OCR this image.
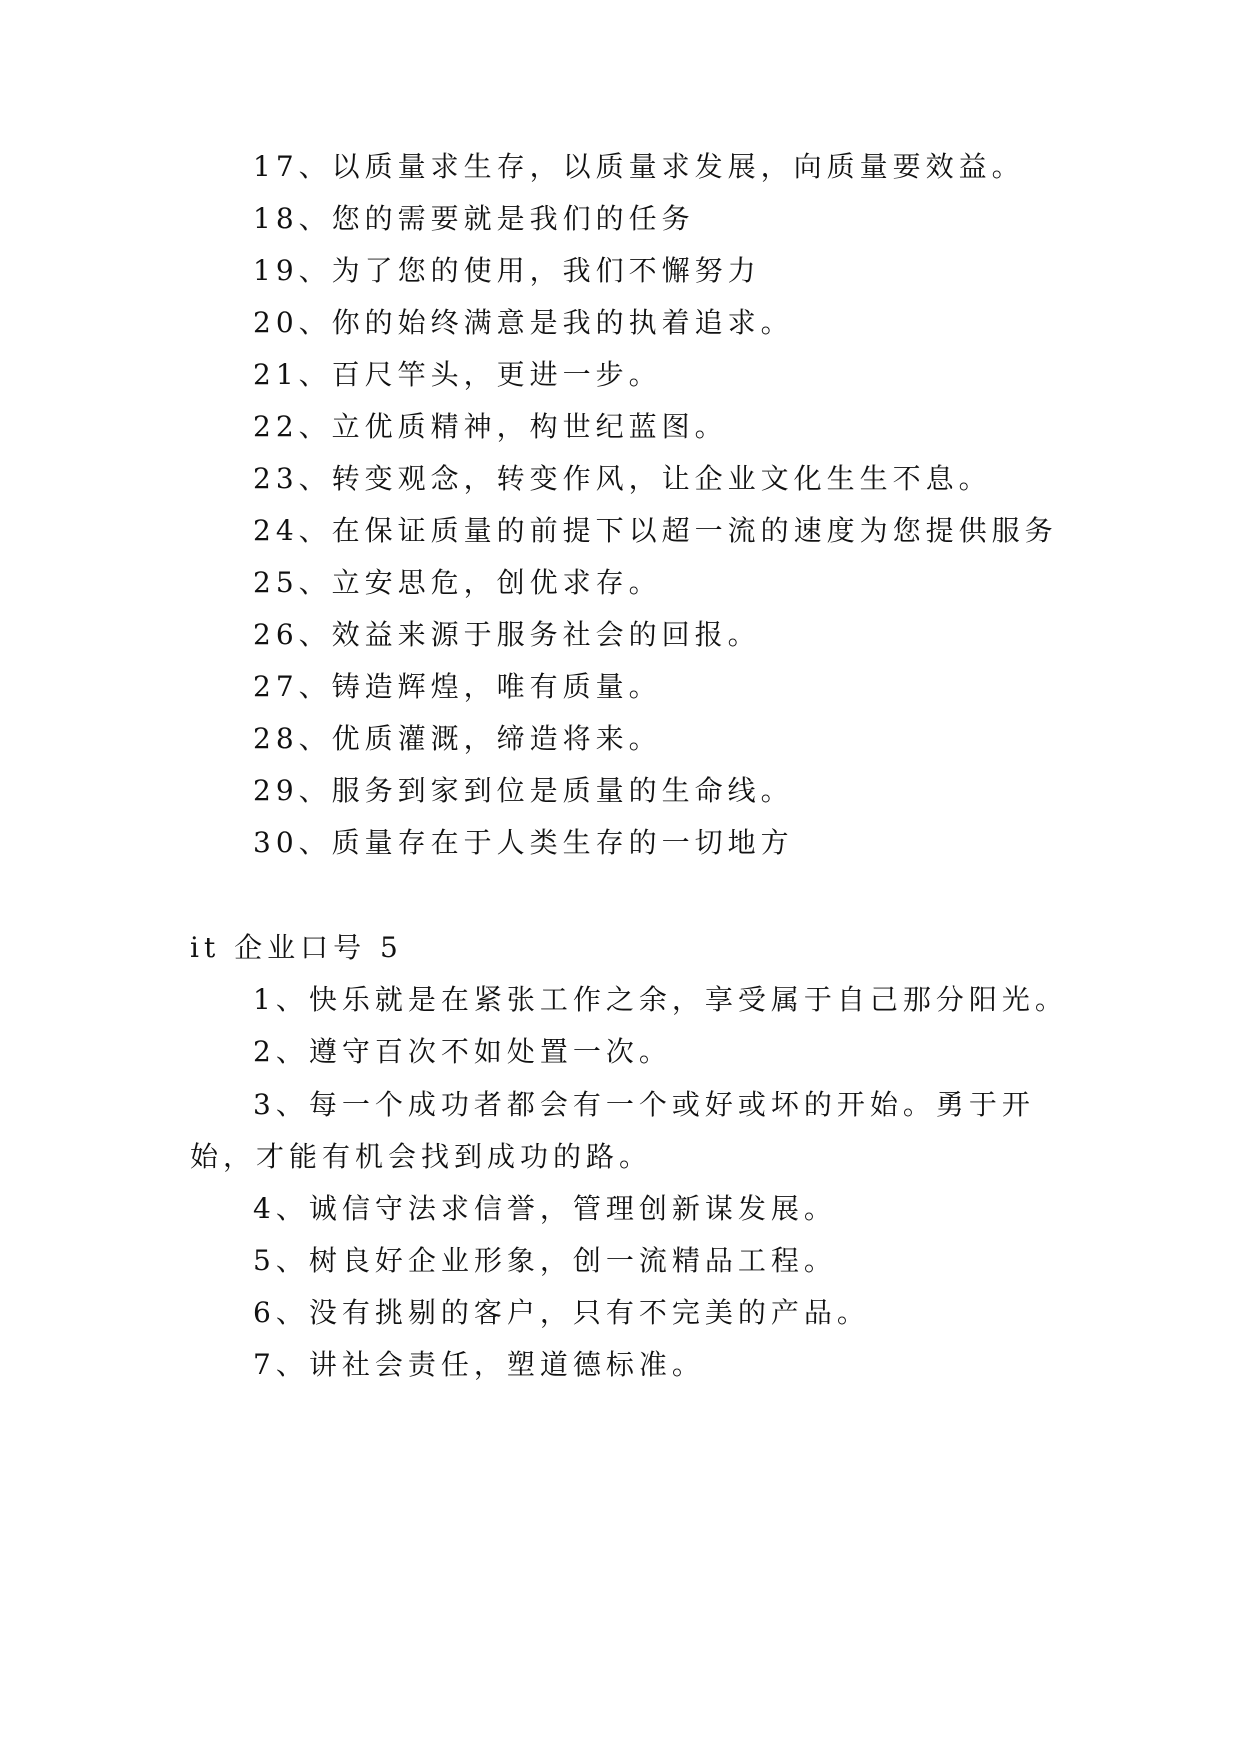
17、以质量求生存，以质量求发展，向质量要效益。
18、您的需要就是我们的任务
19、为了您的使用，我们不懈努力
20、你的始终满意是我的执着追求。
21、百尺竿头，更进一步。
22、立优质精神，构世纪蓝图。
23、转变观念，转变作风，让企业文化生生不息。
24、在保证质量的前提下以超一流的速度为您提供服务
25、立安思危，创优求存。
26、效益来源于服务社会的回报。
27、铸造辉煌，唯有质量。
28、优质灌溉，缔造将来。
29、服务到家到位是质量的生命线。
30、质量存在于人类生存的一切地方
it 企业口号 5
1、快乐就是在紧张工作之余，享受属于自己那分阳光。
2、遵守百次不如处置一次。
3、每一个成功者都会有一个或好或坏的开始。勇于开
始，才能有机会找到成功的路。
4、诚信守法求信誉，管理创新谋发展。
5、树良好企业形象，创一流精品工程。
6、没有挑剔的客户，只有不完美的产品。
7、讲社会责任，塑道德标准。
